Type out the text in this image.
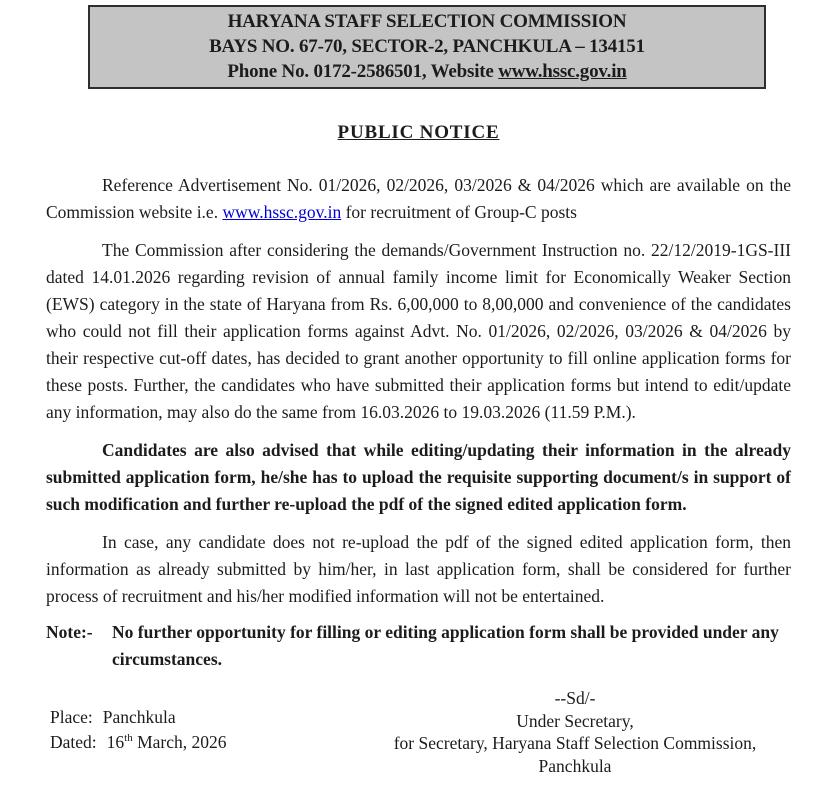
HARYANA STAFF SELECTION COMMISSION
BAYS NO. 67-70, SECTOR-2, PANCHKULA – 134151
Phone No. 0172-2586501, Website www.hssc.gov.in
PUBLIC NOTICE

Reference Advertisement No. 01/2026, 02/2026, 03/2026 & 04/2026 which are available on the Commission website i.e. www.hssc.gov.in for recruitment of Group-C posts

The Commission after considering the demands/Government Instruction no. 22/12/2019-1GS-III dated 14.01.2026 regarding revision of annual family income limit for Economically Weaker Section (EWS) category in the state of Haryana from Rs. 6,00,000 to 8,00,000 and convenience of the candidates who could not fill their application forms against Advt. No. 01/2026, 02/2026, 03/2026 & 04/2026 by their respective cut-off dates, has decided to grant another opportunity to fill online application forms for these posts. Further, the candidates who have submitted their application forms but intend to edit/update any information, may also do the same from 16.03.2026 to 19.03.2026 (11.59 P.M.).

Candidates are also advised that while editing/updating their information in the already submitted application form, he/she has to upload the requisite supporting document/s in support of such modification and further re-upload the pdf of the signed edited application form.

In case, any candidate does not re-upload the pdf of the signed edited application form, then information as already submitted by him/her, in last application form, shall be considered for further process of recruitment and his/her modified information will not be entertained.

Note:-	No further opportunity for filling or editing application form shall be provided under any circumstances.
Place: Panchkula
Dated: 16th March, 2026
--Sd/-
Under Secretary,
for Secretary, Haryana Staff Selection Commission,
Panchkula
